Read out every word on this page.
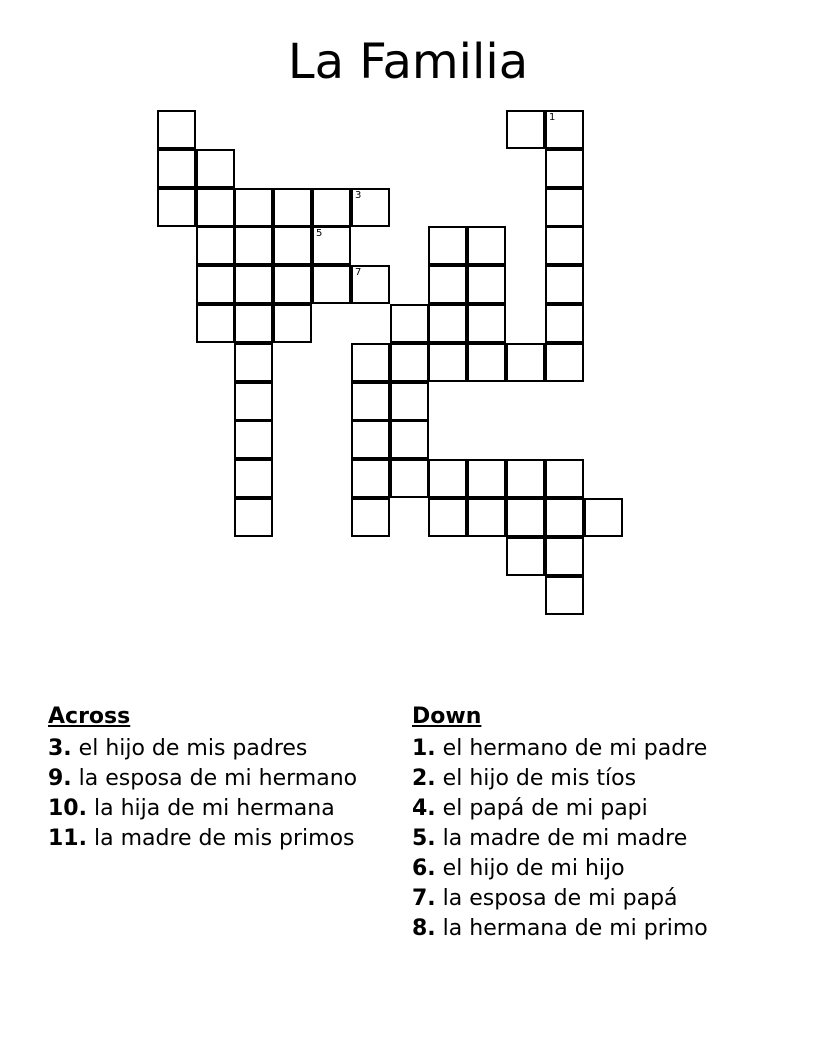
La Familia
5
3
7
1
Across
3. el hijo de mis padres
9. la esposa de mi hermano
10. la hija de mi hermana
11. la madre de mis primos
Down
1. el hermano de mi padre
2. el hijo de mis tíos
4. el papá de mi papi
5. la madre de mi madre
6. el hijo de mi hijo
7. la esposa de mi papá
8. la hermana de mi primo
